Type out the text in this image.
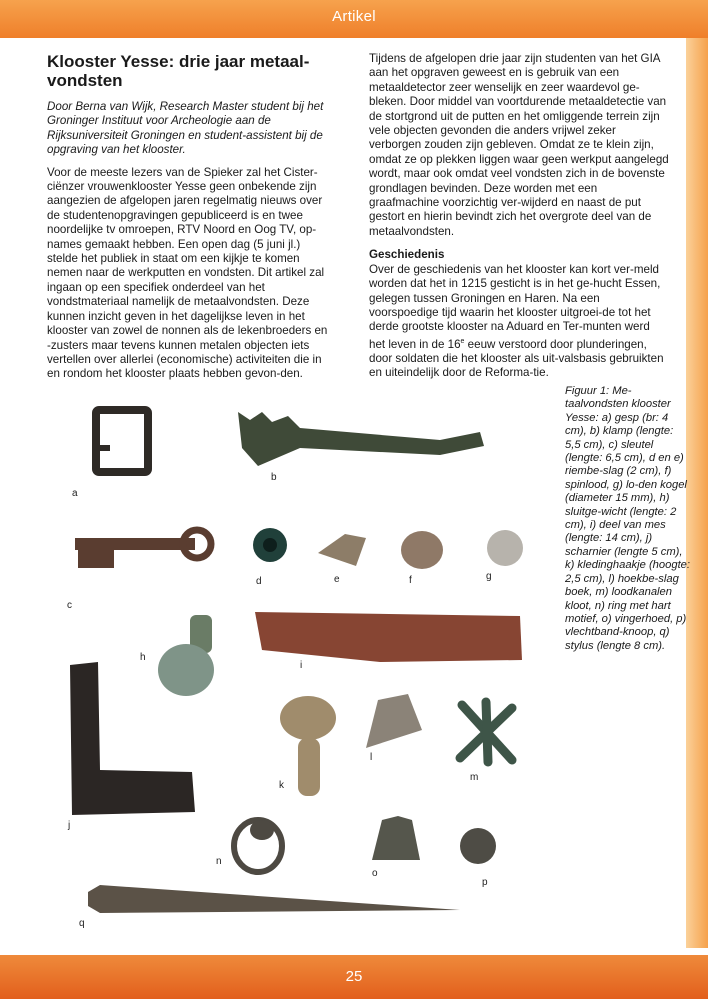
Artikel
Klooster Yesse: drie jaar metaal-vondsten

Door Berna van Wijk, Research Master student bij het Groninger Instituut voor Archeologie aan de Rijksuniversiteit Groningen en student-assistent bij de opgraving van het klooster.

Voor de meeste lezers van de Spieker zal het Cister-ciënzer vrouwenklooster Yesse geen onbekende zijn aangezien de afgelopen jaren regelmatig nieuws over de studentenopgravingen gepubliceerd is en twee noordelijke tv omroepen, RTV Noord en Oog TV, op-names gemaakt hebben. Een open dag (5 juni jl.) stelde het publiek in staat om een kijkje te komen nemen naar de werkputten en vondsten. Dit artikel zal ingaan op een specifiek onderdeel van het vondstmateriaal namelijk de metaalvondsten. Deze kunnen inzicht geven in het dagelijkse leven in het klooster van zowel de nonnen als de lekenbroeders en -zusters maar tevens kunnen metalen objecten iets vertellen over allerlei (economische) activiteiten die in en rondom het klooster plaats hebben gevon-den.

Tijdens de afgelopen drie jaar zijn studenten van het GIA aan het opgraven geweest en is gebruik van een metaaldetector zeer wenselijk en zeer waardevol ge-bleken. Door middel van voortdurende metaaldetectie van de stortgrond uit de putten en het omliggende terrein zijn vele objecten gevonden die anders vrijwel zeker verborgen zouden zijn gebleven. Omdat ze te klein zijn, omdat ze op plekken liggen waar geen werkput aangelegd wordt, maar ook omdat veel vondsten zich in de bovenste grondlagen bevinden. Deze worden met een graafmachine voorzichtig ver-wijderd en naast de put gestort en hierin bevindt zich het overgrote deel van de metaalvondsten.

Geschiedenis

Over de geschiedenis van het klooster kan kort ver-meld worden dat het in 1215 gesticht is in het ge-hucht Essen, gelegen tussen Groningen en Haren. Na een voorspoedige tijd waarin het klooster uitgroei-de tot het derde grootste klooster na Aduard en Ter-munten werd het leven in de 16e eeuw verstoord door plunderingen, door soldaten die het klooster als uit-valsbasis gebruikten en uiteindelijk door de Reforma-tie.

Figuur 1: Me-taalvondsten klooster Yesse: a) gesp (br: 4 cm), b) klamp (lengte: 5,5 cm), c) sleutel (lengte: 6,5 cm), d en e) riembe-slag (2 cm), f) spinlood, g) lo-den kogel (diameter 15 mm), h) sluitge-wicht (lengte: 2 cm), i) deel van mes (lengte: 14 cm), j) scharnier (lengte 5 cm), k) kledinghaakje (hoogte: 2,5 cm), l) hoekbe-slag boek, m) loodkanalen kloot, n) ring met hart motief, o) vingerhoed, p) vlechtband-knoop, q) stylus (lengte 8 cm).
a
b
c
d	e	f	g
h
i
j
k
l
m
n
o
p
q
25
